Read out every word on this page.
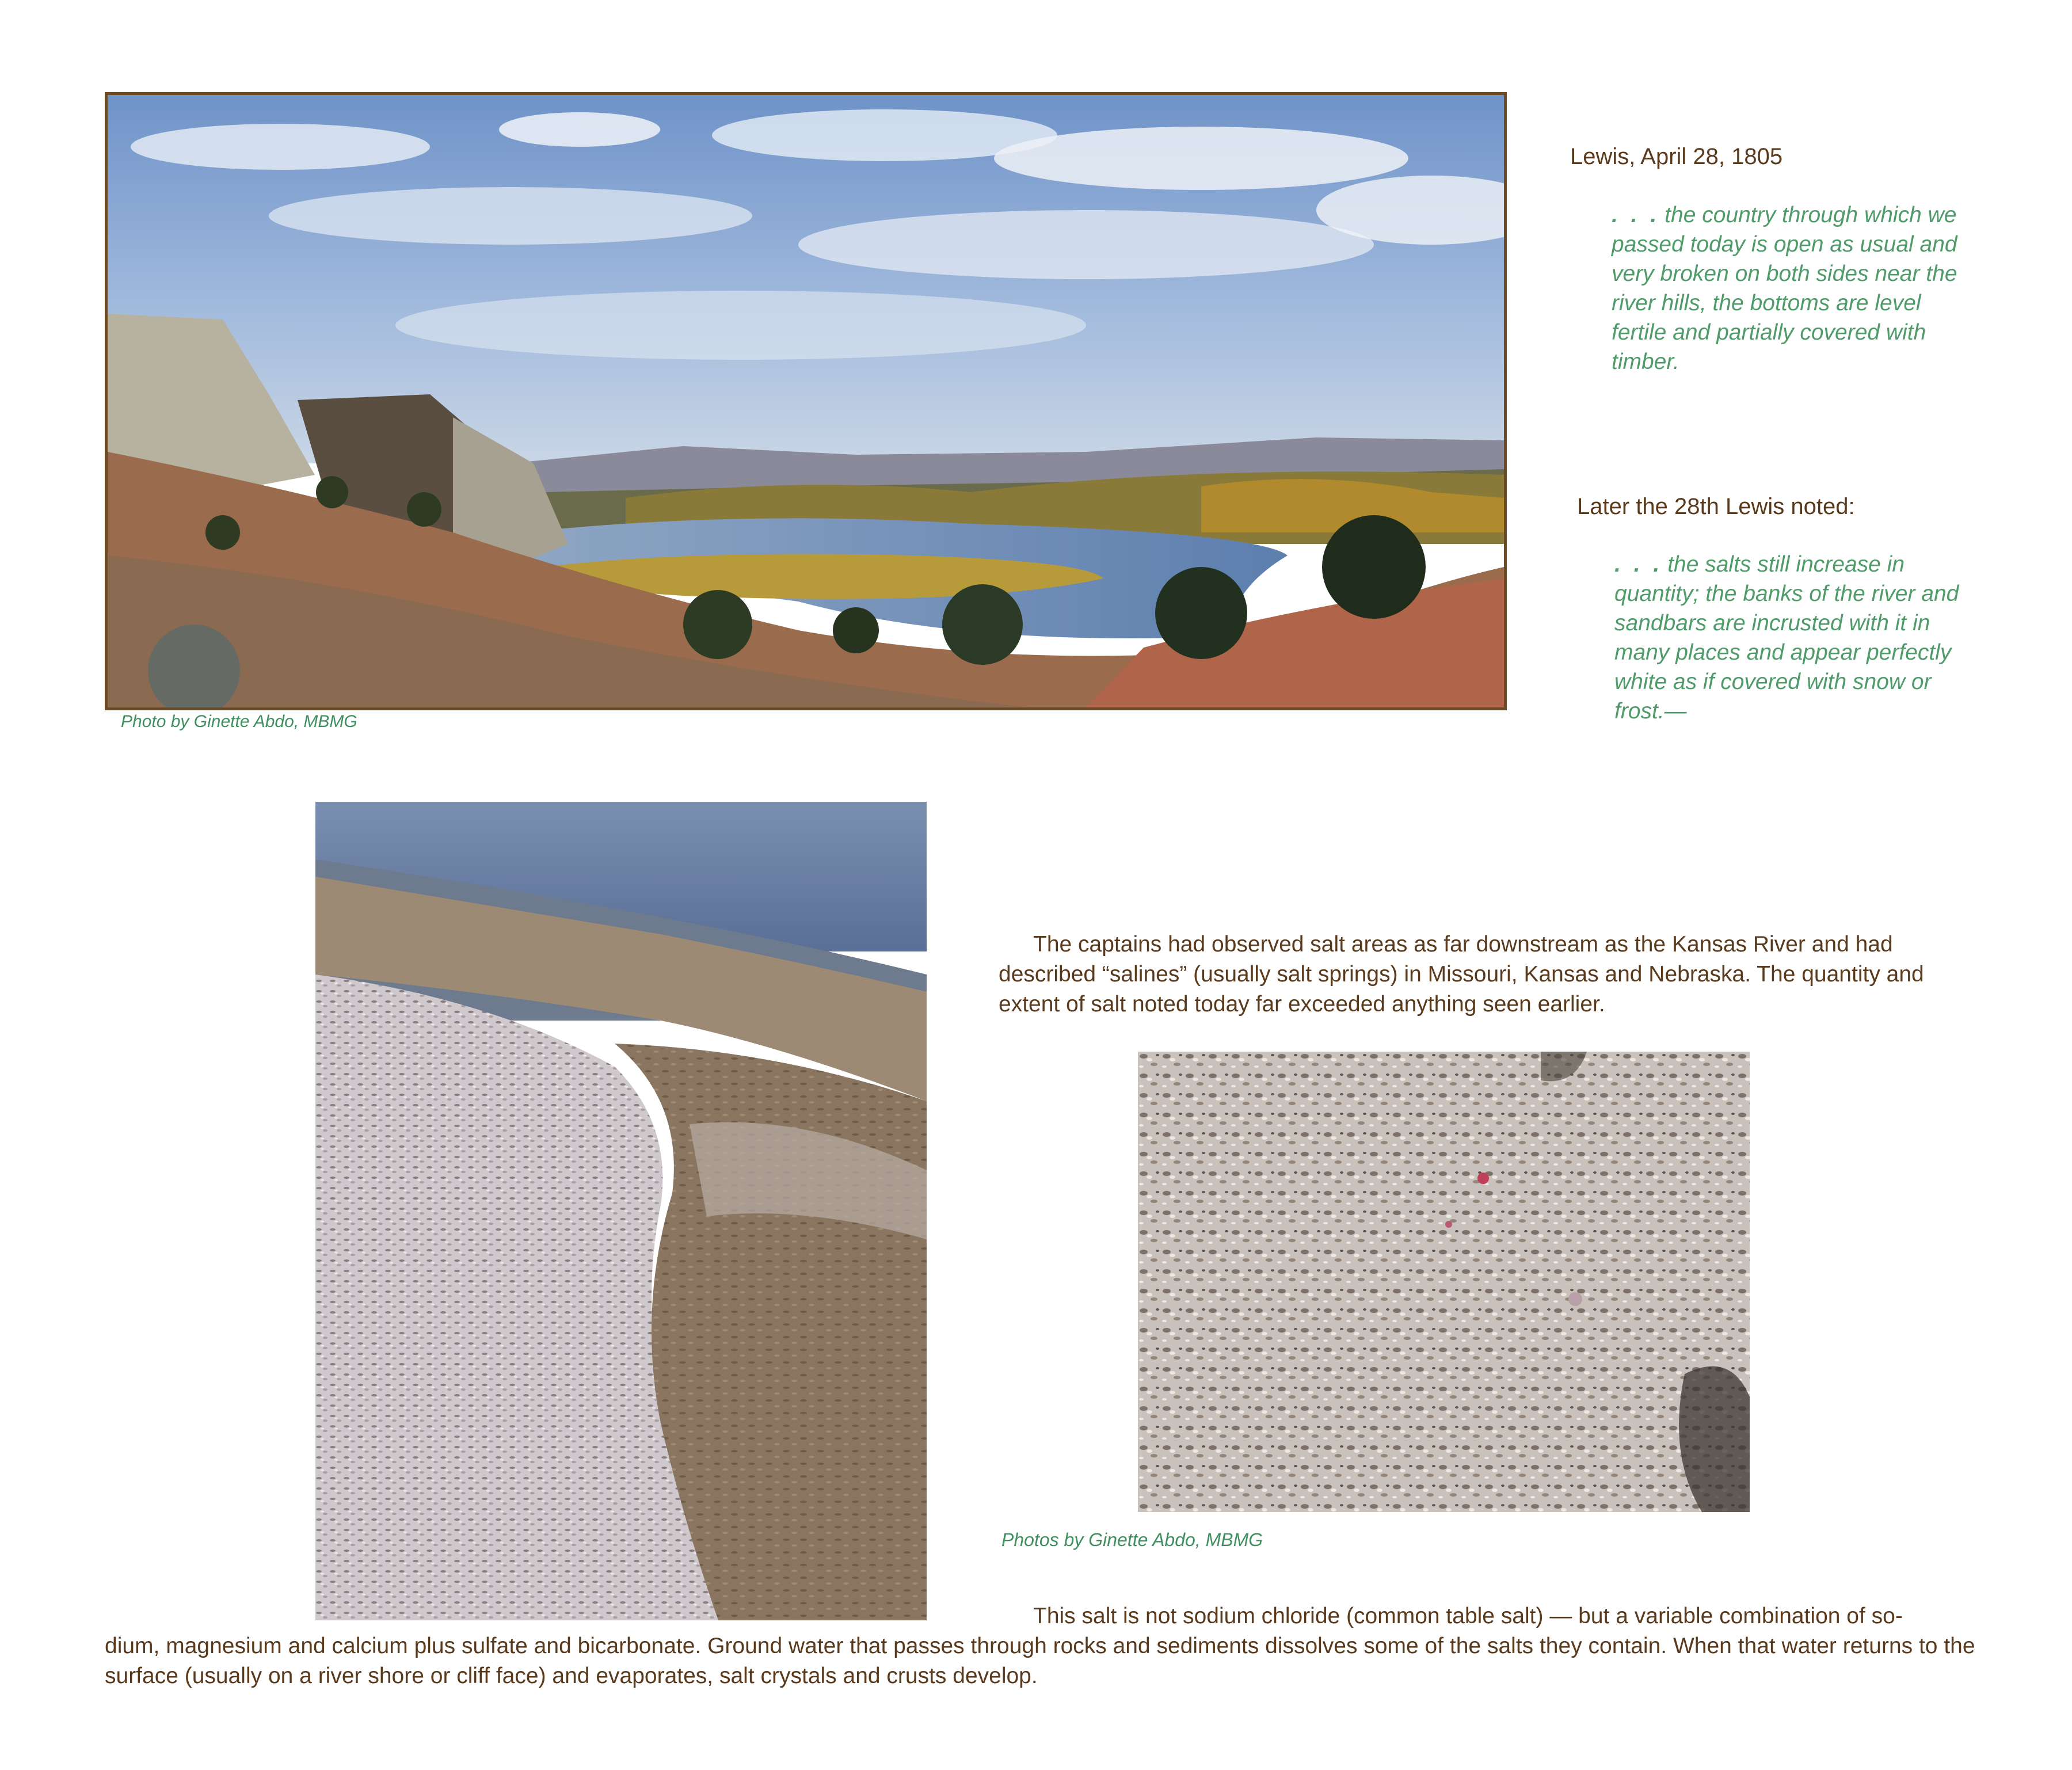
Photo by Ginette Abdo, MBMG
Lewis, April 28, 1805
. . . the country through which we passed today is open as usual and very broken on both sides near the river hills, the bottoms are level fertile and partially covered with timber.
Later the 28th Lewis noted:
. . . the salts still increase in quantity; the banks of the river and sandbars are incrusted with it in many places and appear perfectly white as if covered with snow or frost.—
The captains had observed salt areas as far downstream as the Kansas River and had described “salines” (usually salt springs) in Missouri, Kansas and Nebraska. The quantity and extent of salt noted today far exceeded anything seen earlier.
Photos by Ginette Abdo, MBMG
This salt is not sodium chloride (common table salt) — but a variable combination of so-
dium, magnesium and calcium plus sulfate and bicarbonate. Ground water that passes through rocks and sediments dissolves some of the salts they contain. When that water returns to the surface (usually on a river shore or cliff face) and evaporates, salt crystals and crusts develop.
